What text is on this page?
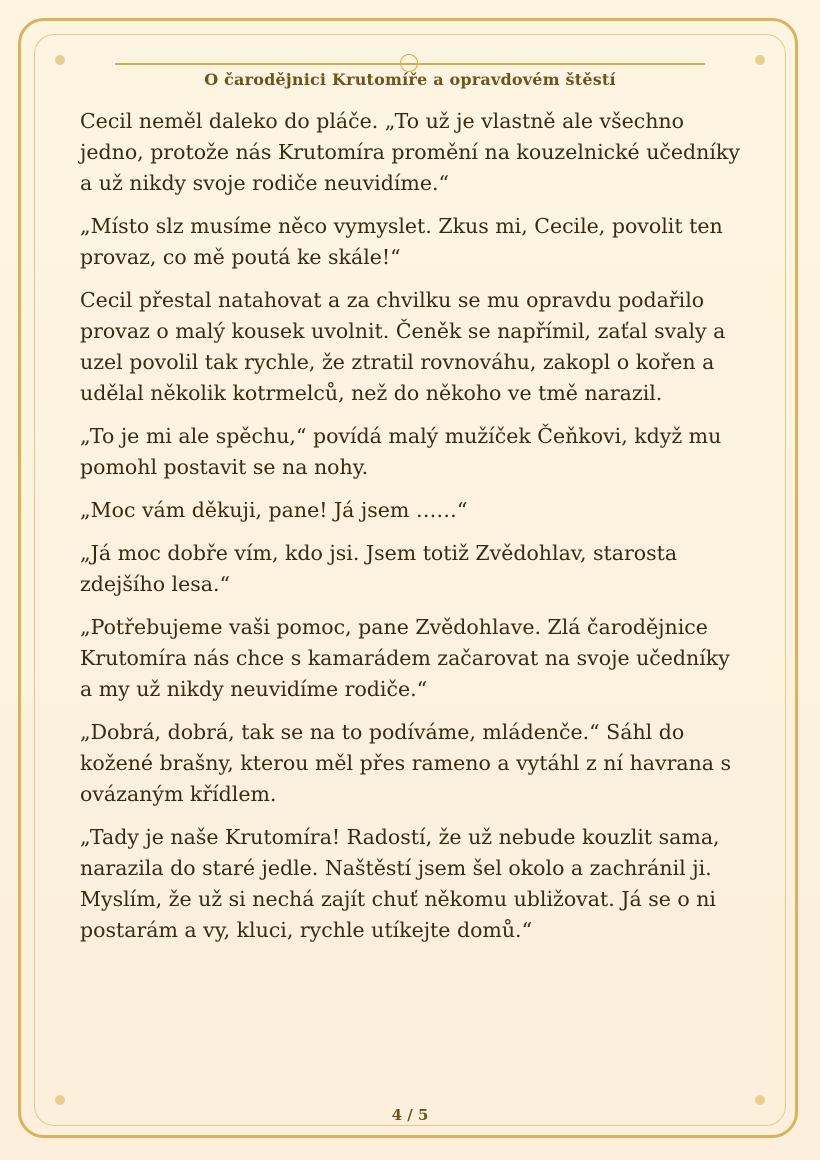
O čarodějnici Krutomíře a opravdovém štěstí

Cecil neměl daleko do pláče. „To už je vlastně ale všechno jedno, protože nás Krutomíra promění na kouzelnické učedníky a už nikdy svoje rodiče neuvidíme.“

„Místo slz musíme něco vymyslet. Zkus mi, Cecile, povolit ten provaz, co mě poutá ke skále!“

Cecil přestal natahovat a za chvilku se mu opravdu podařilo provaz o malý kousek uvolnit. Čeněk se napřímil, zaťal svaly a uzel povolil tak rychle, že ztratil rovnováhu, zakopl o kořen a udělal několik kotrmelců, než do někoho ve tmě narazil.

„To je mi ale spěchu,“ povídá malý mužíček Čeňkovi, když mu pomohl postavit se na nohy.

„Moc vám děkuji, pane! Já jsem ……“

„Já moc dobře vím, kdo jsi. Jsem totiž Zvědohlav, starosta zdejšího lesa.“

„Potřebujeme vaši pomoc, pane Zvědohlave. Zlá čarodějnice Krutomíra nás chce s kamarádem začarovat na svoje učedníky a my už nikdy neuvidíme rodiče.“

„Dobrá, dobrá, tak se na to podíváme, mládenče.“ Sáhl do kožené brašny, kterou měl přes rameno a vytáhl z ní havrana s ovázaným křídlem.

„Tady je naše Krutomíra! Radostí, že už nebude kouzlit sama, narazila do staré jedle. Naštěstí jsem šel okolo a zachránil ji. Myslím, že už si nechá zajít chuť někomu ubližovat. Já se o ni postarám a vy, kluci, rychle utíkejte domů.“

4 / 5
